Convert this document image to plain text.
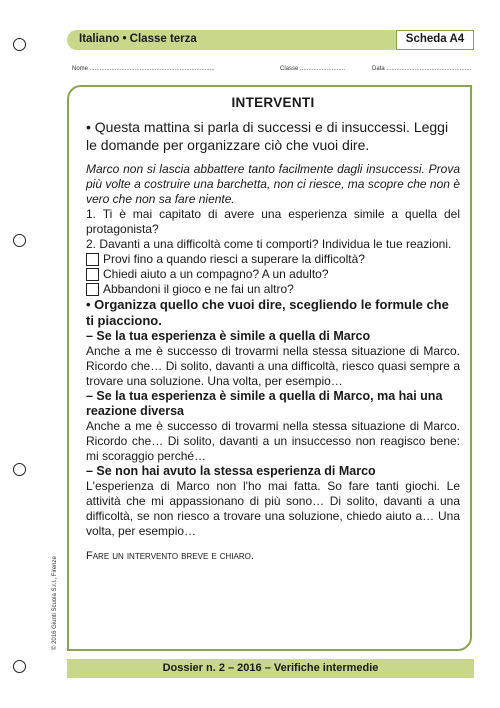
Italiano • Classe terza	Scheda A4
Nome ...........................................................................	Classe ...........................	Data ...................................................
INTERVENTI
• Questa mattina si parla di successi e di insuccessi. Leggi le domande per organizzare ciò che vuoi dire.
Marco non si lascia abbattere tanto facilmente dagli insuccessi. Prova più volte a costruire una barchetta, non ci riesce, ma scopre che non è vero che non sa fare niente.
1. Ti è mai capitato di avere una esperienza simile a quella del protagonista?
2. Davanti a una difficoltà come ti comporti? Individua le tue reazioni.
Provi fino a quando riesci a superare la difficoltà?
Chiedi aiuto a un compagno? A un adulto?
Abbandoni il gioco e ne fai un altro?
• Organizza quello che vuoi dire, scegliendo le formule che ti piacciono.
– Se la tua esperienza è simile a quella di Marco
Anche a me è successo di trovarmi nella stessa situazione di Marco. Ricordo che… Di solito, davanti a una difficoltà, riesco quasi sempre a trovare una soluzione. Una volta, per esempio…
– Se la tua esperienza è simile a quella di Marco, ma hai una reazione diversa
Anche a me è successo di trovarmi nella stessa situazione di Marco. Ricordo che… Di solito, davanti a un insuccesso non reagisco bene: mi scoraggio perché…
– Se non hai avuto la stessa esperienza di Marco
L'esperienza di Marco non l'ho mai fatta. So fare tanti giochi. Le attività che mi appassionano di più sono… Di solito, davanti a una difficoltà, se non riesco a trovare una soluzione, chiedo aiuto a… Una volta, per esempio…
Fare un intervento breve e chiaro.
© 2016 Giunti Scuola S.r.l., Firenze
Dossier n. 2 – 2016 – Verifiche intermedie
